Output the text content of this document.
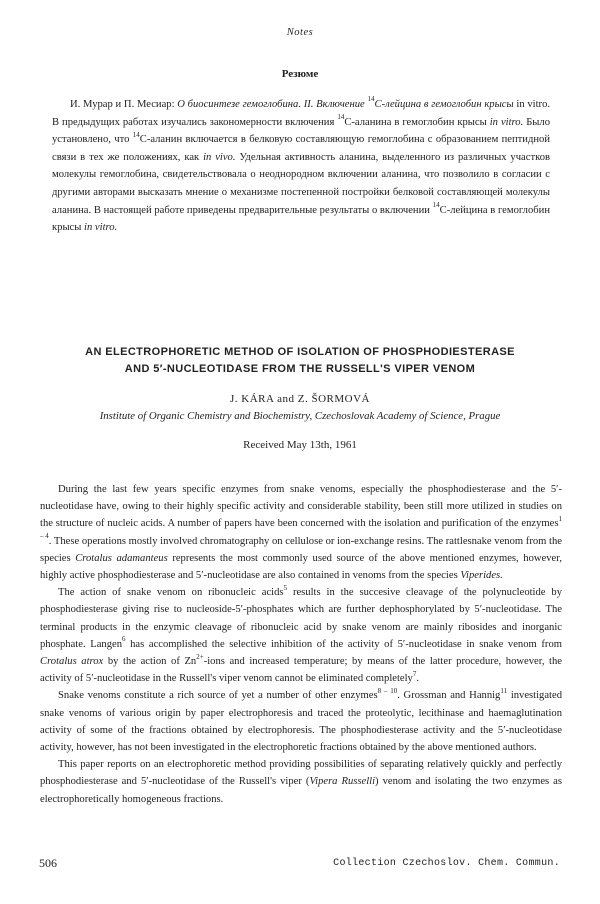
Notes
Резюме

И. Мурар и П. Месиар: О биосинтезе гемоглобина. II. Включение $^{14}$С-лейцина в гемоглобин крысы in vitro. В предыдущих работах изучались закономерности включения $^{14}$С-аланина в гемоглобин крысы in vitro. Было установлено, что $^{14}$С-аланин включается в белковую составляющую гемоглобина с образованием пептидной связи в тех же положениях, как in vivo. Удельная активность аланина, выделенного из различных участков молекулы гемоглобина, свидетельствовала о неоднородном включении аланина, что позволило в согласии с другими авторами высказать мнение о механизме постепенной постройки белковой составляющей молекулы аланина. В настоящей работе приведены предварительные результаты о включении $^{14}$С-лейцина в гемоглобин крысы in vitro.

AN ELECTROPHORETIC METHOD OF ISOLATION OF PHOSPHODIESTERASE
AND 5′-NUCLEOTIDASE FROM THE RUSSELL'S VIPER VENOM
J. KÁRA and Z. ŠORMOVÁ
Institute of Organic Chemistry and Biochemistry, Czechoslovak Academy of Science, Prague
Received May 13th, 1961

During the last few years specific enzymes from snake venoms, especially the phosphodiesterase and the 5′-nucleotidase have, owing to their highly specific activity and considerable stability, been still more utilized in studies on the structure of nucleic acids. A number of papers have been concerned with the isolation and purification of the enzymes$^{1 - 4}$. These operations mostly involved chromatography on cellulose or ion-exchange resins. The rattlesnake venom from the species Crotalus adamanteus represents the most commonly used source of the above mentioned enzymes, however, highly active phosphodiesterase and 5′-nucleotidase are also contained in venoms from the species Viperides.

The action of snake venom on ribonucleic acids$^5$ results in the succesive cleavage of the polynucleotide by phosphodiesterase giving rise to nucleoside-5′-phosphates which are further dephosphorylated by 5′-nucleotidase. The terminal products in the enzymic cleavage of ribonucleic acid by snake venom are mainly ribosides and inorganic phosphate. Langen$^6$ has accomplished the selective inhibition of the activity of 5′-nucleotidase in snake venom from Crotalus atrox by the action of $Zn^{2+}$-ions and increased temperature; by means of the latter procedure, however, the activity of 5′-nucleotidase in the Russell's viper venom cannot be eliminated completely$^7$.

Snake venoms constitute a rich source of yet a number of other enzymes$^{8 - 10}$. Grossman and Hannig$^{11}$ investigated snake venoms of various origin by paper electrophoresis and traced the proteolytic, lecithinase and haemaglutination activity of some of the fractions obtained by electrophoresis. The phosphodiesterase activity and the 5′-nucleotidase activity, however, has not been investigated in the electrophoretic fractions obtained by the above mentioned authors.

This paper reports on an electrophoretic method providing possibilities of separating relatively quickly and perfectly phosphodiesterase and 5′-nucleotidase of the Russell's viper (Vipera Russelli) venom and isolating the two enzymes as electrophoretically homogeneous fractions.

506	Collection Czechoslov. Chem. Commun.
